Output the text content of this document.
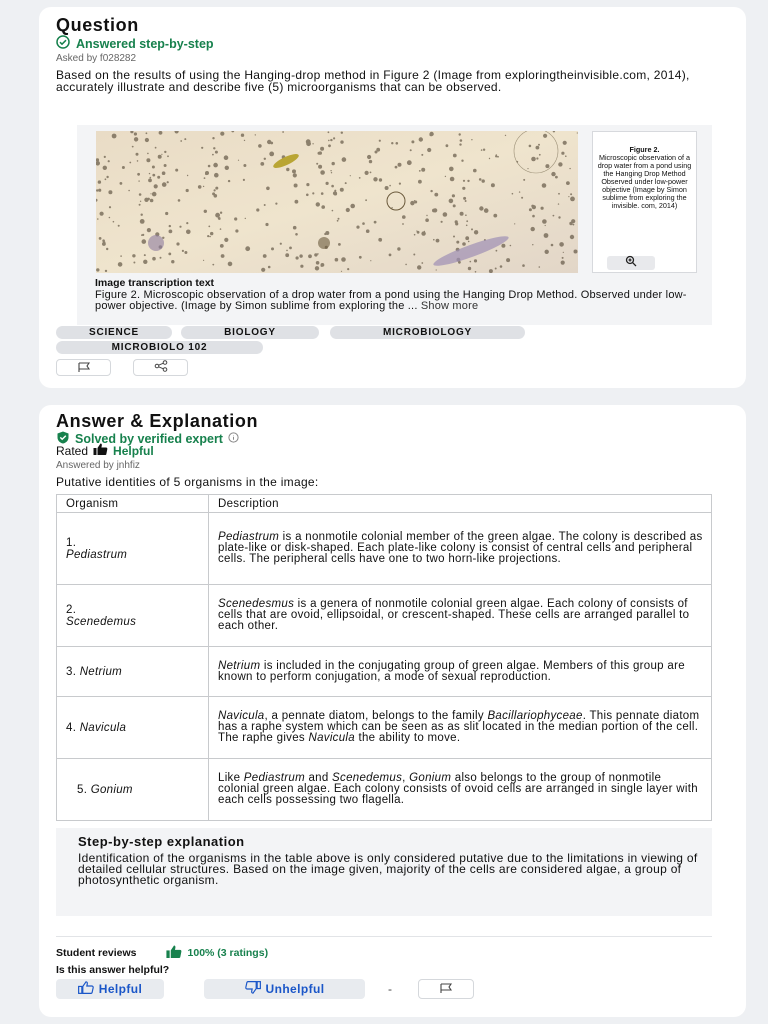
Question
Answered step-by-step
Asked by f028282
Based on the results of using the Hanging-drop method in Figure 2 (Image from exploringtheinvisible.com, 2014), accurately illustrate and describe five (5) microorganisms that can be observed.
Figure 2.
Microscopic observation of a drop water from a pond using the Hanging Drop Method Observed under low-power objective (Image by Simon sublime from exploring the invisible. com, 2014)
Image transcription text
Figure 2. Microscopic observation of a drop water from a pond using the Hanging Drop Method. Observed under low- power objective. (Image by Simon sublime from exploring the ... Show more
SCIENCE	BIOLOGY	MICROBIOLOGY
MICROBIOLO 102
Answer & Explanation
Solved by verified expert
Rated Helpful
Answered by jnhfiz
Putative identities of 5 organisms in the image:
Organism	Description
1.
Pediastrum	Pediastrum is a nonmotile colonial member of the green algae. The colony is described as plate-like or disk-shaped. Each plate-like colony is consist of central cells and peripheral cells. The peripheral cells have one to two horn-like projections.
2.
Scenedemus	Scenedesmus is a genera of nonmotile colonial green algae. Each colony of consists of cells that are ovoid, ellipsoidal, or crescent-shaped. These cells are arranged parallel to each other.
3. Netrium	Netrium is included in the conjugating group of green algae. Members of this group are known to perform conjugation, a mode of sexual reproduction.
4. Navicula	Navicula, a pennate diatom, belongs to the family Bacillariophyceae. This pennate diatom has a raphe system which can be seen as as slit located in the median portion of the cell. The raphe gives Navicula the ability to move.
5. Gonium	Like Pediastrum and Scenedemus, Gonium also belongs to the group of nonmotile colonial green algae. Each colony consists of ovoid cells are arranged in single layer with each cells possessing two flagella.
Step-by-step explanation
Identification of the organisms in the table above is only considered putative due to the limitations in viewing of detailed cellular structures. Based on the image given, majority of the cells are considered algae, a group of photosynthetic organism.
Student reviews	100% (3 ratings)
Is this answer helpful?
Helpful	Unhelpful	-
